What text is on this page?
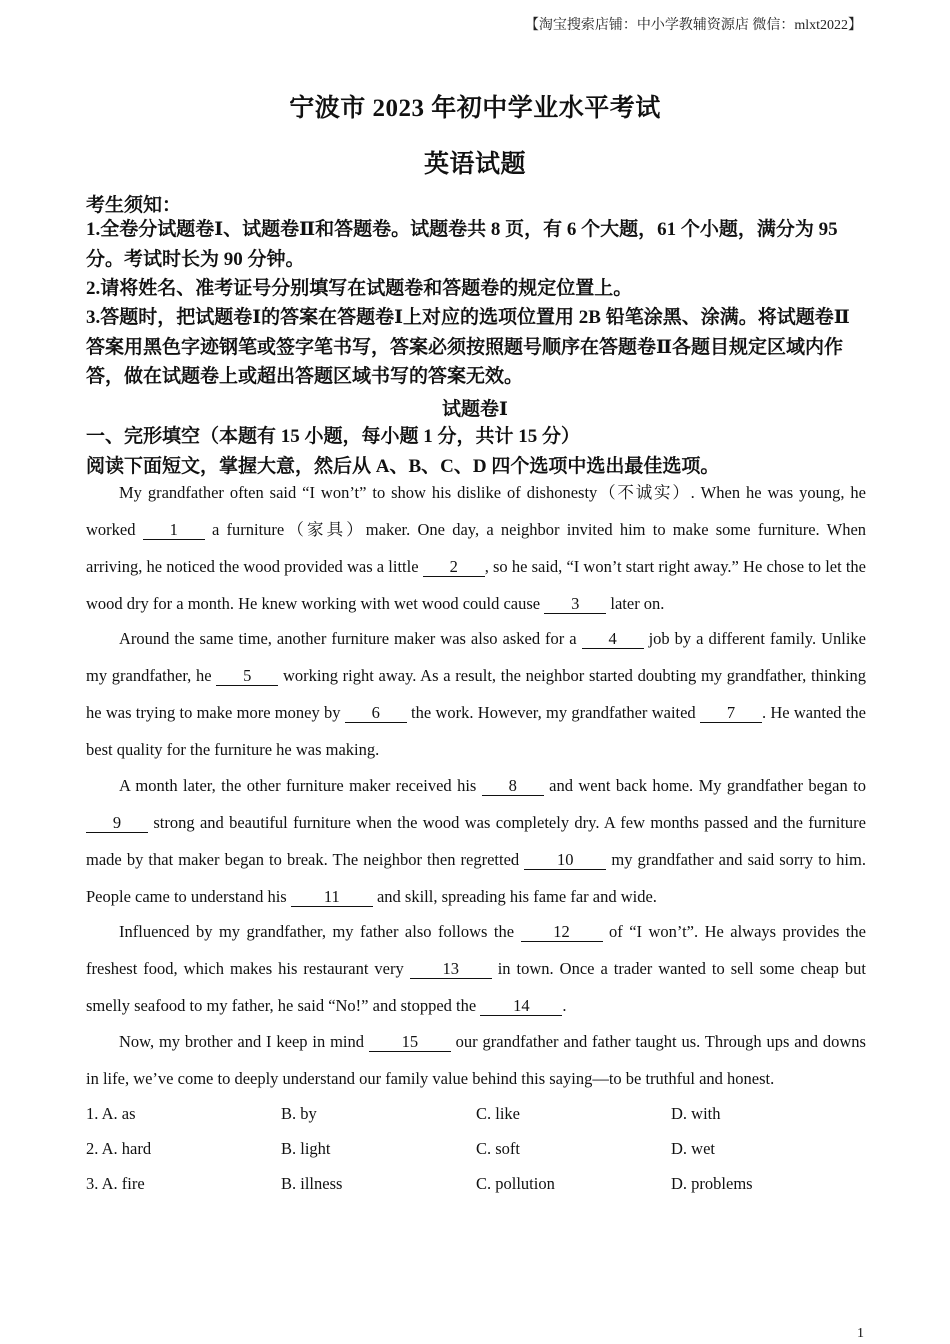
【淘宝搜索店铺：中小学教辅资源店 微信：mlxt2022】
宁波市 2023 年初中学业水平考试
英语试题
考生须知：
1.全卷分试题卷Ⅰ、试题卷Ⅱ和答题卷。试题卷共 8 页，有 6 个大题，61 个小题，满分为 95 分。考试时长为 90 分钟。
2.请将姓名、准考证号分别填写在试题卷和答题卷的规定位置上。
3.答题时，把试题卷Ⅰ的答案在答题卷Ⅰ上对应的选项位置用 2B 铅笔涂黑、涂满。将试题卷Ⅱ答案用黑色字迹钢笔或签字笔书写，答案必须按照题号顺序在答题卷Ⅱ各题目规定区域内作答，做在试题卷上或超出答题区域书写的答案无效。
试题卷Ⅰ
一、完形填空（本题有 15 小题，每小题 1 分，共计 15 分）
阅读下面短文，掌握大意，然后从 A、B、C、D 四个选项中选出最佳选项。

My grandfather often said “I won’t” to show his dislike of dishonesty（不诚实）. When he was young, he worked 1 a furniture（家具）maker. One day, a neighbor invited him to make some furniture. When arriving, he noticed the wood provided was a little 2 , so he said, “I won’t start right away.” He chose to let the wood dry for a month. He knew working with wet wood could cause 3 later on.

Around the same time, another furniture maker was also asked for a 4 job by a different family. Unlike my grandfather, he 5 working right away. As a result, the neighbor started doubting my grandfather, thinking he was trying to make more money by 6 the work. However, my grandfather waited 7 . He wanted the best quality for the furniture he was making.

A month later, the other furniture maker received his 8 and went back home. My grandfather began to 9 strong and beautiful furniture when the wood was completely dry. A few months passed and the furniture made by that maker began to break. The neighbor then regretted 10 my grandfather and said sorry to him. People came to understand his 11 and skill, spreading his fame far and wide.

Influenced by my grandfather, my father also follows the 12 of “I won’t”. He always provides the freshest food, which makes his restaurant very 13 in town. Once a trader wanted to sell some cheap but smelly seafood to my father, he said “No!” and stopped the 14 .

Now, my brother and I keep in mind 15 our grandfather and father taught us. Through ups and downs in life, we’ve come to deeply understand our family value behind this saying—to be truthful and honest.

1. A. as	B. by	C. like	D. with
2. A. hard	B. light	C. soft	D. wet
3. A. fire	B. illness	C. pollution	D. problems
1
